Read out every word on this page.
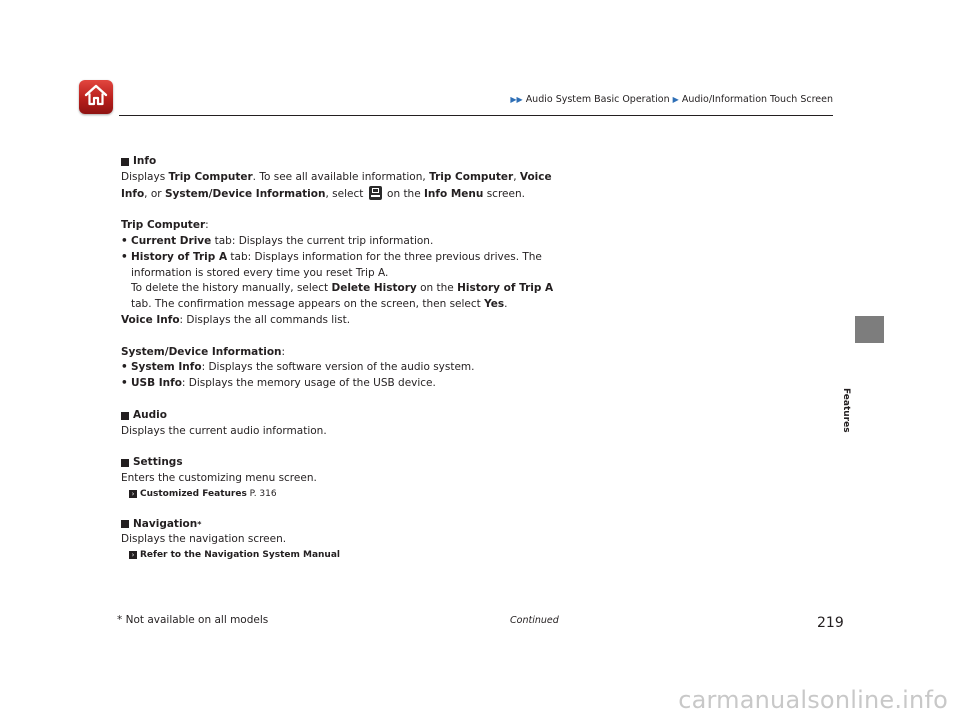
▶▶ Audio System Basic Operation ▶ Audio/Information Touch Screen
Features

Info

Displays Trip Computer. To see all available information, Trip Computer, Voice
Info, or System/Device Information, select  on the Info Menu screen.

Trip Computer:

• Current Drive tab: Displays the current trip information.

• History of Trip A tab: Displays information for the three previous drives. The

information is stored every time you reset Trip A.

To delete the history manually, select Delete History on the History of Trip A

tab. The confirmation message appears on the screen, then select Yes.

Voice Info: Displays the all commands list.

System/Device Information:

• System Info: Displays the software version of the audio system.

• USB Info: Displays the memory usage of the USB device.

Audio

Displays the current audio information.

Settings

Enters the customizing menu screen.

› Customized Features P. 316

Navigation *

Displays the navigation screen.

› Refer to the Navigation System Manual

* Not available on all models	Continued	219
carmanualsonline.info
